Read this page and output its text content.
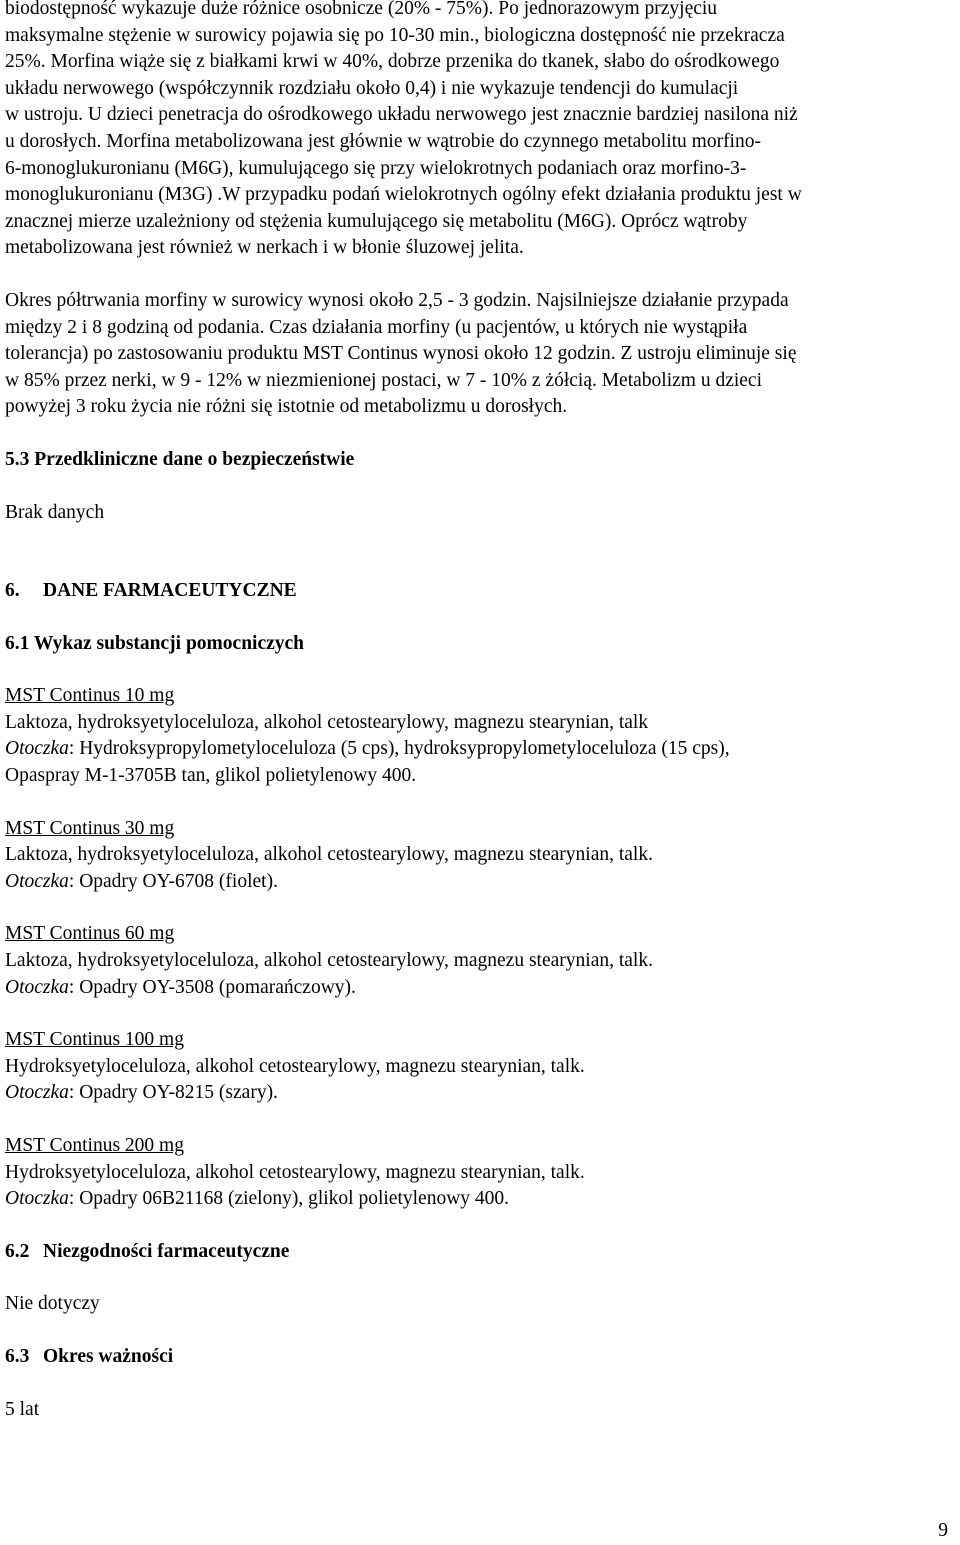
biodostępność wykazuje duże różnicе osobnicze (20% - 75%). Po jednorazowym przyjęciu

maksymalne stężenie w surowicy pojawia się po 10-30 min., biologiczna dostępność nie przekracza

25%. Morfina wiąże się z białkami krwi w 40%, dobrze przenika do tkanek, słabo do ośrodkowego

układu nerwowego (współczynnik rozdziału około 0,4) i nie wykazuje tendencji do kumulacji

w ustroju. U dzieci penetracja do ośrodkowego układu nerwowego jest znacznie bardziej nasilona niż

u dorosłych. Morfina metabolizowana jest głównie w wątrobie do czynnego metabolitu morfino-

6-monoglukuronianu (M6G), kumulującego się przy wielokrotnych podaniach oraz morfino-3-

monoglukuronianu (M3G) .W przypadku podań wielokrotnych ogólny efekt działania produktu jest w

znacznej mierze uzależniony od stężenia kumulującego się metabolitu (M6G). Oprócz wątroby

metabolizowana jest również w nerkach i w błonie śluzowej jelita.

Okres półtrwania morfiny w surowicy wynosi około 2,5 - 3 godzin. Najsilniejsze działanie przypada

między 2 i 8 godziną od podania. Czas działania morfiny (u pacjentów, u których nie wystąpiła

tolerancja) po zastosowaniu produktu MST Continus wynosi około 12 godzin. Z ustroju eliminuje się

w 85% przez nerki, w 9 - 12% w niezmienionej postaci, w 7 - 10% z żółcią. Metabolizm u dzieci

powyżej 3 roku życia nie różni się istotnie od metabolizmu u dorosłych.

5.3 Przedkliniczne dane o bezpieczeństwie

Brak danych

6. DANE FARMACEUTYCZNE

6.1 Wykaz substancji pomocniczych

MST Continus 10 mg

Laktoza, hydroksyetyloceluloza, alkohol cetostearylowy, magnezu stearynian, talk

Otoczka: Hydroksypropylometyloceluloza (5 cps), hydroksypropylometyloceluloza (15 cps),

Opaspray M-1-3705B tan, glikol polietylenowy 400.

MST Continus 30 mg

Laktoza, hydroksyetyloceluloza, alkohol cetostearylowy, magnezu stearynian, talk.

Otoczka: Opadry OY-6708 (fiolet).

MST Continus 60 mg

Laktoza, hydroksyetyloceluloza, alkohol cetostearylowy, magnezu stearynian, talk.

Otoczka: Opadry OY-3508 (pomarańczowy).

MST Continus 100 mg

Hydroksyetyloceluloza, alkohol cetostearylowy, magnezu stearynian, talk.

Otoczka: Opadry OY-8215 (szary).

MST Continus 200 mg

Hydroksyetyloceluloza, alkohol cetostearylowy, magnezu stearynian, talk.

Otoczka: Opadry 06B21168 (zielony), glikol polietylenowy 400.

6.2 Niezgodności farmaceutyczne

Nie dotyczy

6.3 Okres ważności

5 lat

9
